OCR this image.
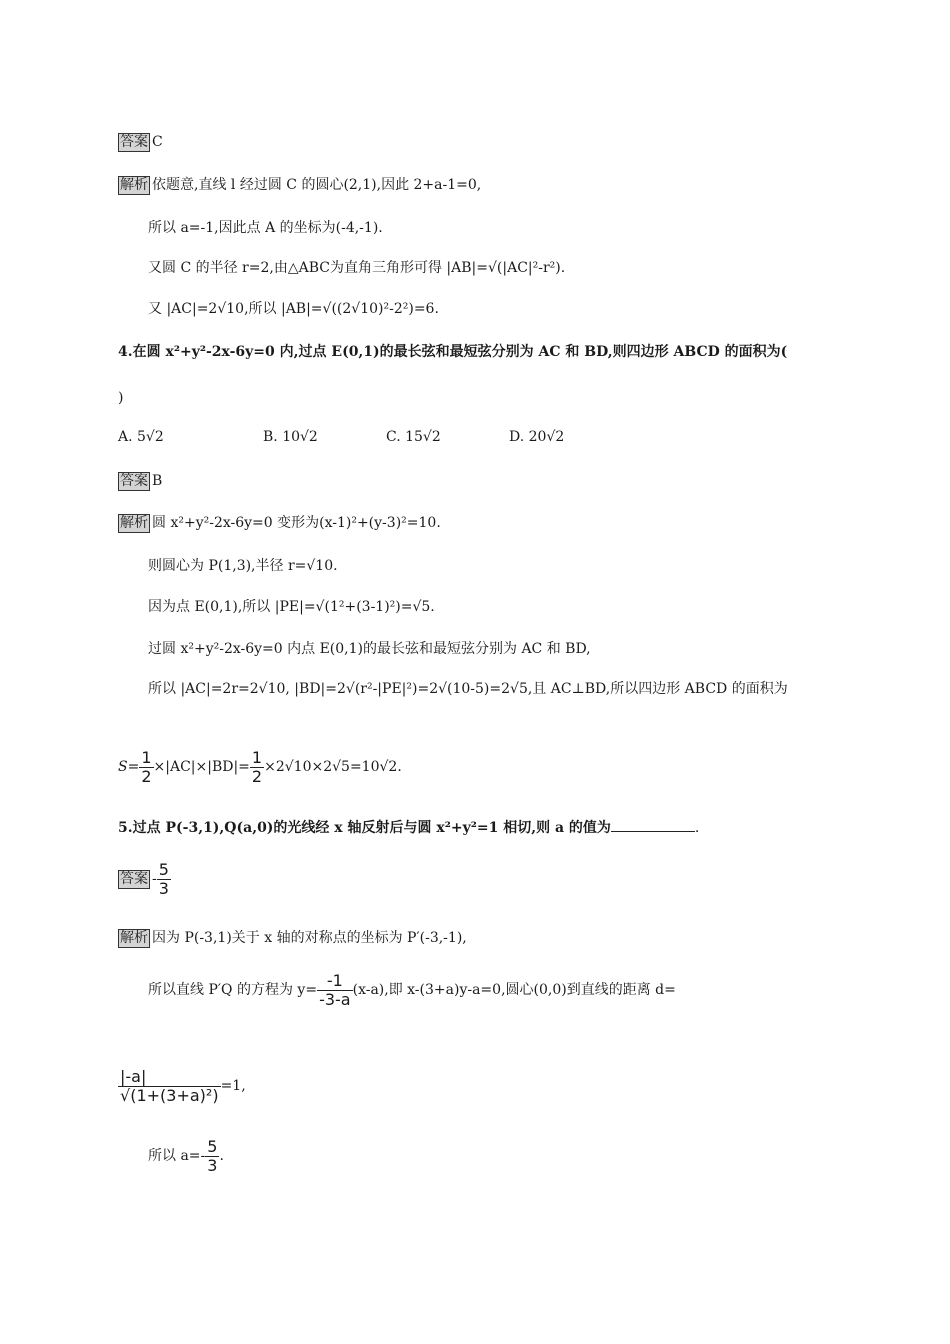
答案 C
解析 依题意,直线 l 经过圆 C 的圆心(2,1),因此 2+a-1=0,
所以 a=-1,因此点 A 的坐标为(-4,-1).
又圆 C 的半径 r=2,由△ABC为直角三角形可得 |AB|=√(|AC|²-r²).
又 |AC|=2√10,所以 |AB|=√((2√10)²-2²)=6.
4.在圆 x²+y²-2x-6y=0 内,过点 E(0,1)的最长弦和最短弦分别为 AC 和 BD,则四边形 ABCD 的面积为(
)
A. 5√2	B. 10√2	C. 15√2	D. 20√2
答案 B
解析 圆 x²+y²-2x-6y=0 变形为(x-1)²+(y-3)²=10.
则圆心为 P(1,3),半径 r=√10.
因为点 E(0,1),所以 |PE|=√(1²+(3-1)²)=√5.
过圆 x²+y²-2x-6y=0 内点 E(0,1)的最长弦和最短弦分别为 AC 和 BD,
所以 |AC|=2r=2√10, |BD|=2√(r²-|PE|²)=2√(10-5)=2√5,且 AC⊥BD,所以四边形 ABCD 的面积为
$S= \frac{1}{2} \times|AC|\times|BD|= \frac{1}{2} \times 2√10\times 2√5=10√2$.
5.过点 P(-3,1),Q(a,0)的光线经 x 轴反射后与圆 x²+y²=1 相切,则 a 的值为	.
答案 - $\frac{5}{3}$
解析 因为 P(-3,1)关于 x 轴的对称点的坐标为 P′(-3,-1),
所以直线 P′Q 的方程为 $y= \frac{-1}{-3-a} (x-a)$,即 x-(3+a)y-a=0,圆心(0,0)到直线的距离 d=
$\frac{|-a|}{\text{√(1+(3+a)²)}} =1$,
所以 $a=- \frac{5}{3}$ .
